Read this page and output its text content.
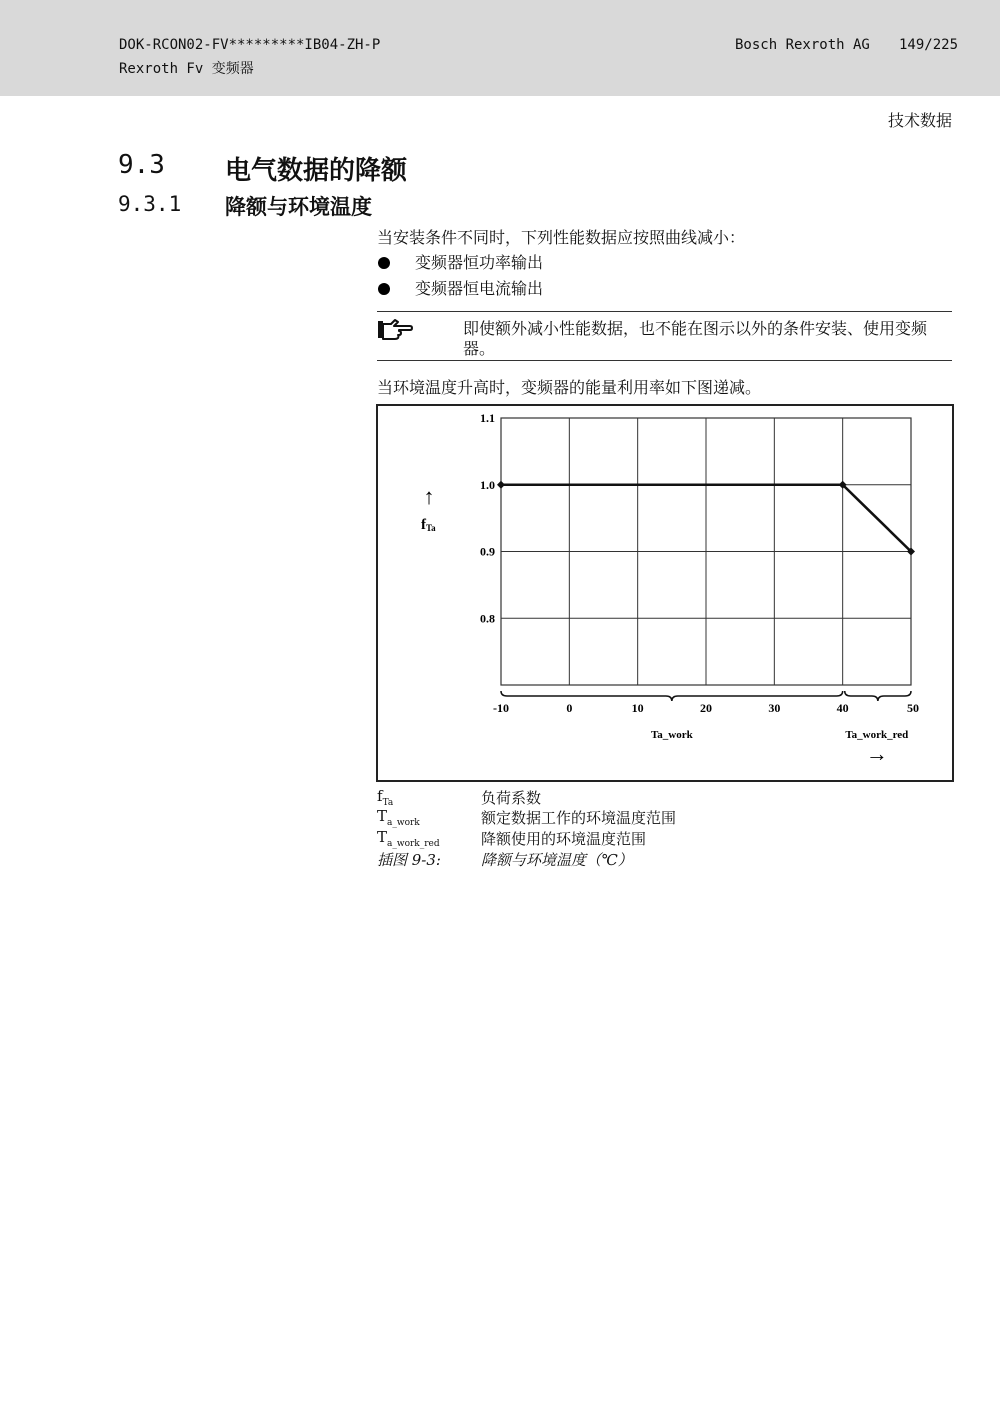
DOK-RCON02-FV*********IB04-ZH-P
Rexroth Fv 变频器
Bosch Rexroth AG 149/225
技术数据
9.3 电气数据的降额
9.3.1 降额与环境温度
当安装条件不同时，下列性能数据应按照曲线减小：
变频器恒功率输出
变频器恒电流输出
即使额外减小性能数据，也不能在图示以外的条件安装、使用变频
器。
当环境温度升高时，变频器的能量利用率如下图递减。
1.1
1.0
0.9
0.8
-10	0	10	20	30	40	50
Ta_work	Ta_work_red
→
↑
fTa
$f_{Ta}$	负荷系数
$T_{a\_work}$	额定数据工作的环境温度范围
$T_{a\_work\_red}$	降额使用的环境温度范围
插图 9-3:	降额与环境温度（℃）
